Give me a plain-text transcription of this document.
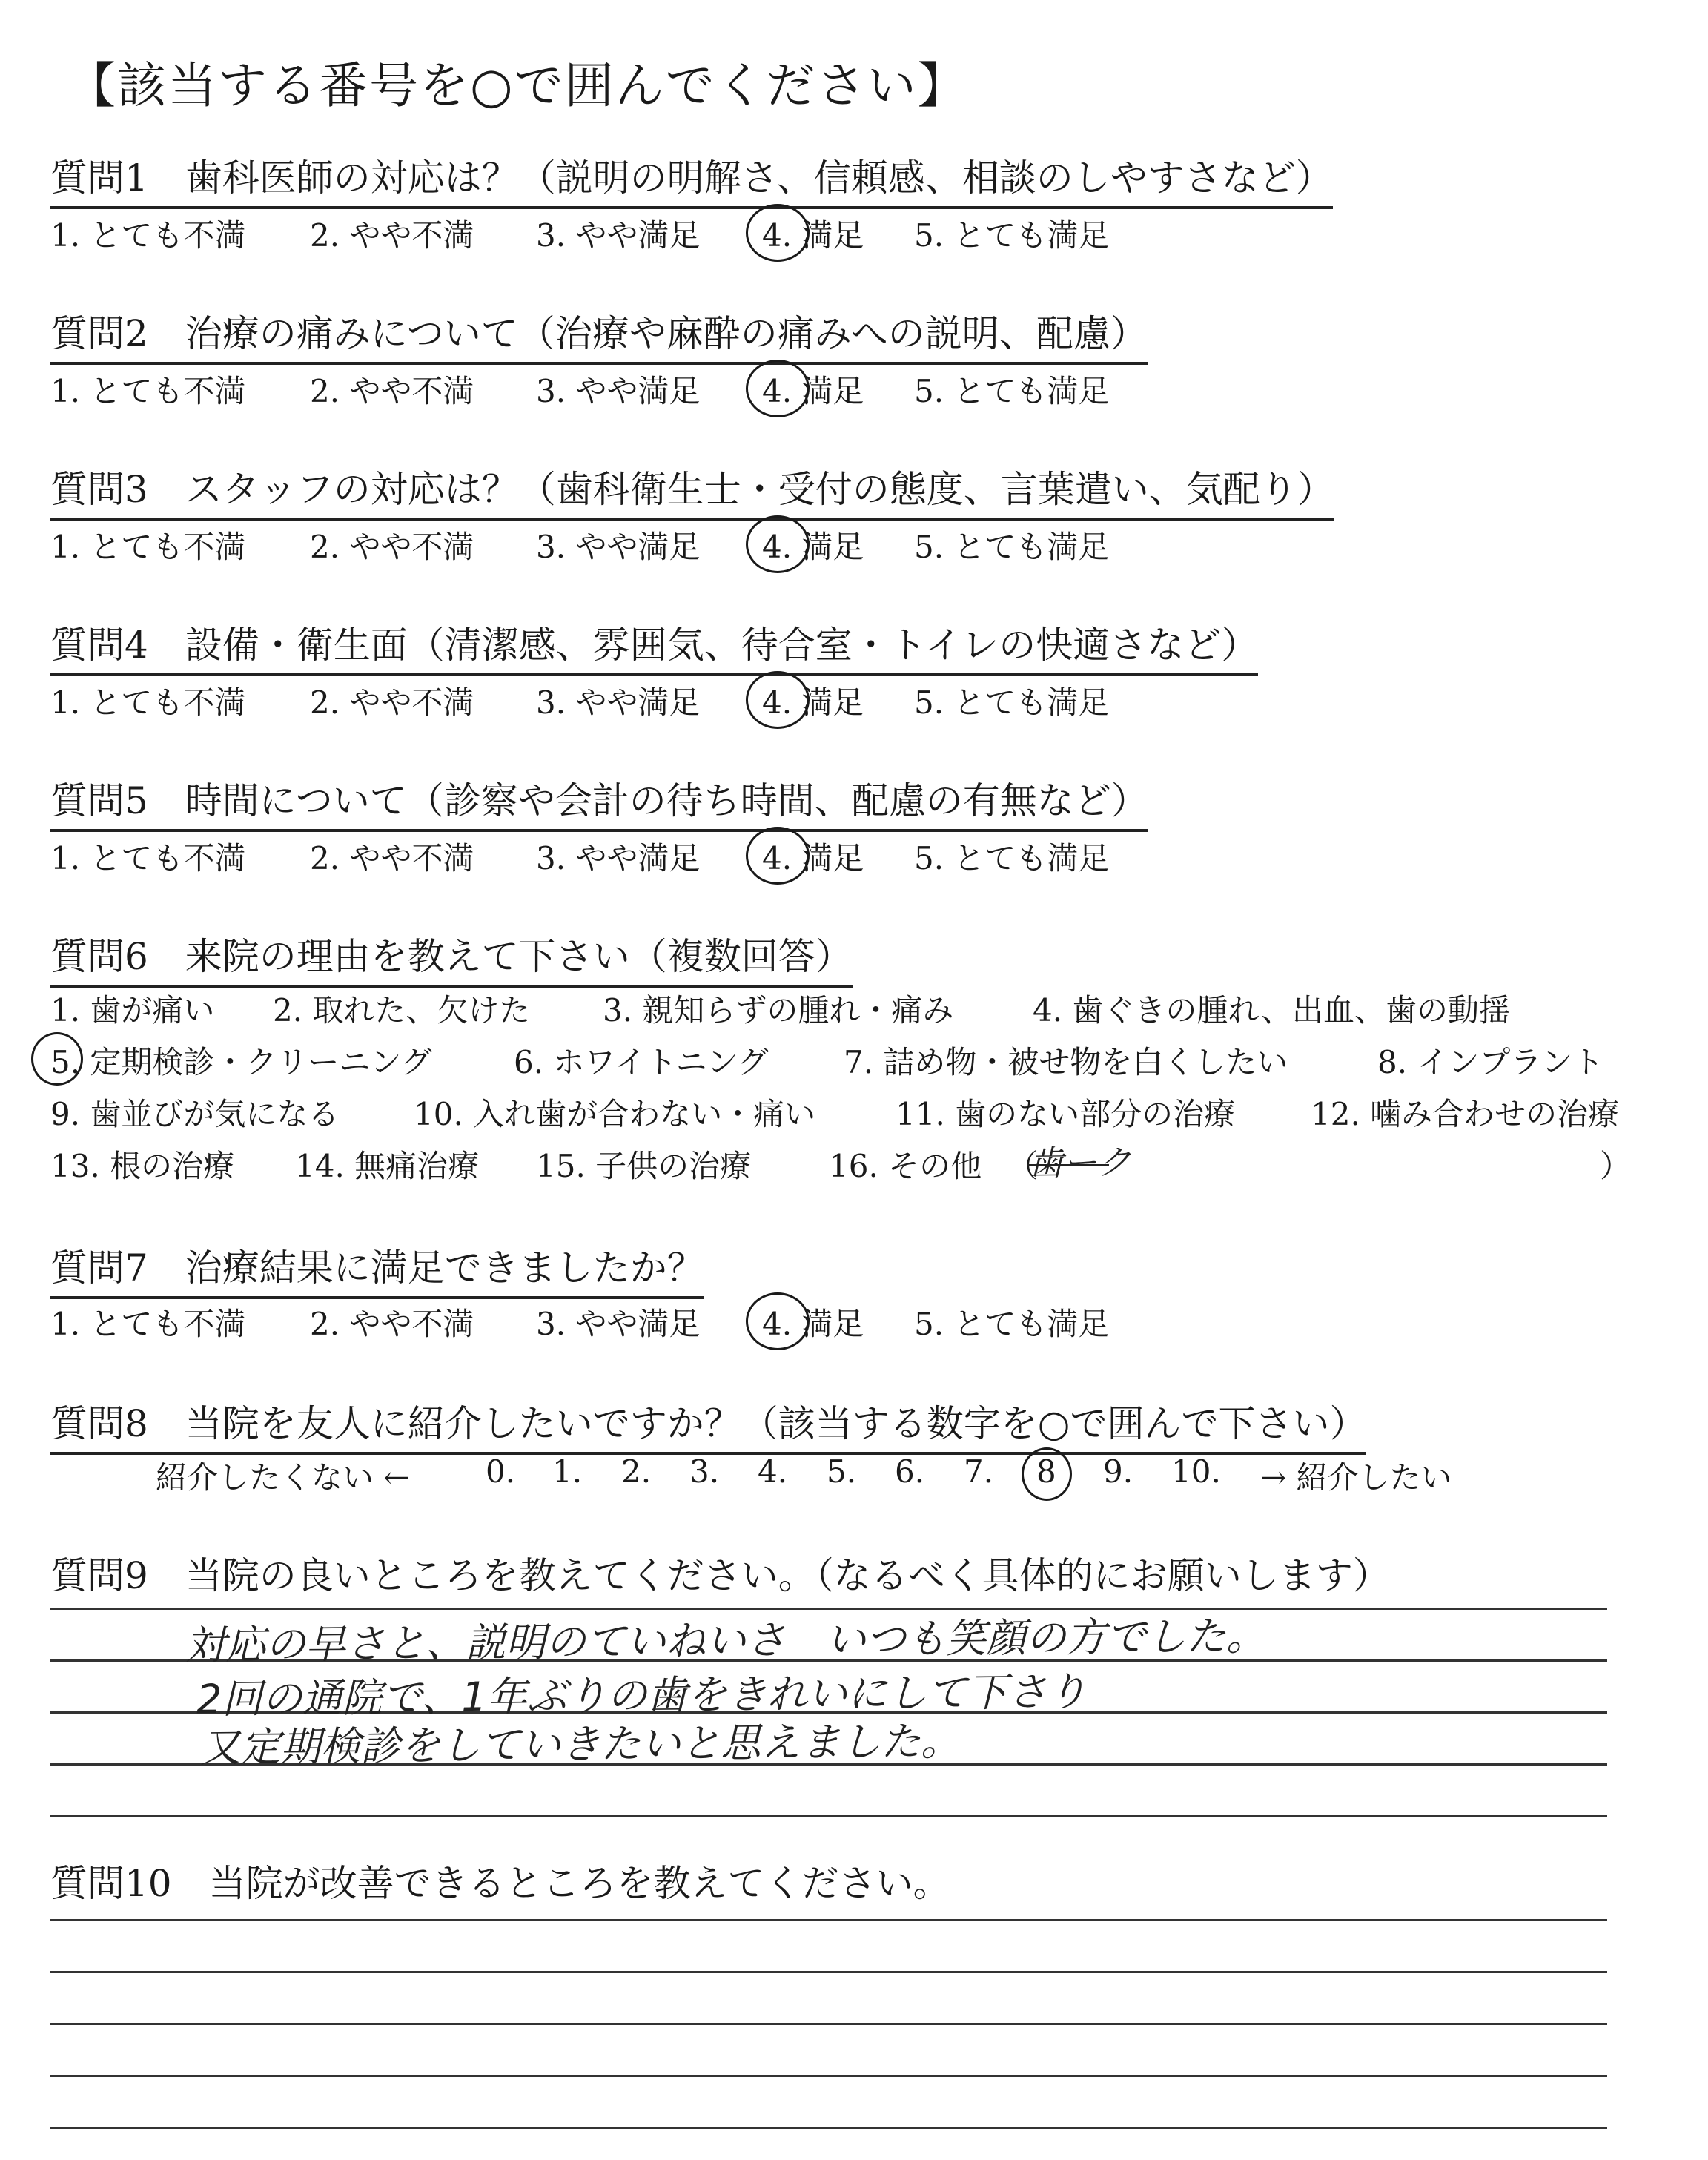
【該当する番号を○で囲んでください】
質問1　歯科医師の対応は？（説明の明解さ、信頼感、相談のしやすさなど）
1. とても不満 2. やや不満 3. やや満足 4. 満足 5. とても満足
質問2　治療の痛みについて（治療や麻酔の痛みへの説明、配慮）
1. とても不満 2. やや不満 3. やや満足 4. 満足 5. とても満足
質問3　スタッフの対応は？（歯科衛生士・受付の態度、言葉遣い、気配り）
1. とても不満 2. やや不満 3. やや満足 4. 満足 5. とても満足
質問4　設備・衛生面（清潔感、雰囲気、待合室・トイレの快適さなど）
1. とても不満 2. やや不満 3. やや満足 4. 満足 5. とても満足
質問5　時間について（診察や会計の待ち時間、配慮の有無など）
1. とても不満 2. やや不満 3. やや満足 4. 満足 5. とても満足
質問6　来院の理由を教えて下さい（複数回答）
1. 歯が痛い 2. 取れた、欠けた 3. 親知らずの腫れ・痛み	4. 歯ぐきの腫れ、出血、歯の動揺
5. 定期検診・クリーニング	6. ホワイトニング 7. 詰め物・被せ物を白くしたい	8. インプラント
9. 歯並びが気になる 10. 入れ歯が合わない・痛い	11. 歯のない部分の治療 12. 噛み合わせの治療
13. 根の治療 14. 無痛治療 15. 子供の治療 16. その他 （
歯ーク	）
質問7　治療結果に満足できましたか？
1. とても不満 2. やや不満 3. やや満足 4. 満足 5. とても満足
質問8　当院を友人に紹介したいですか？（該当する数字を○で囲んで下さい）
紹介したくない ← 0. 1. 2. 3. 4. 5. 6. 7. 8 9. 10. → 紹介したい
質問9　当院の良いところを教えてください。（なるべく具体的にお願いします）
対応の早さと、説明のていねいさ　いつも笑顔の方でした。
2回の通院で、1年ぶりの歯をきれいにして下さり
又定期検診をしていきたいと思えました。
質問10　当院が改善できるところを教えてください。
